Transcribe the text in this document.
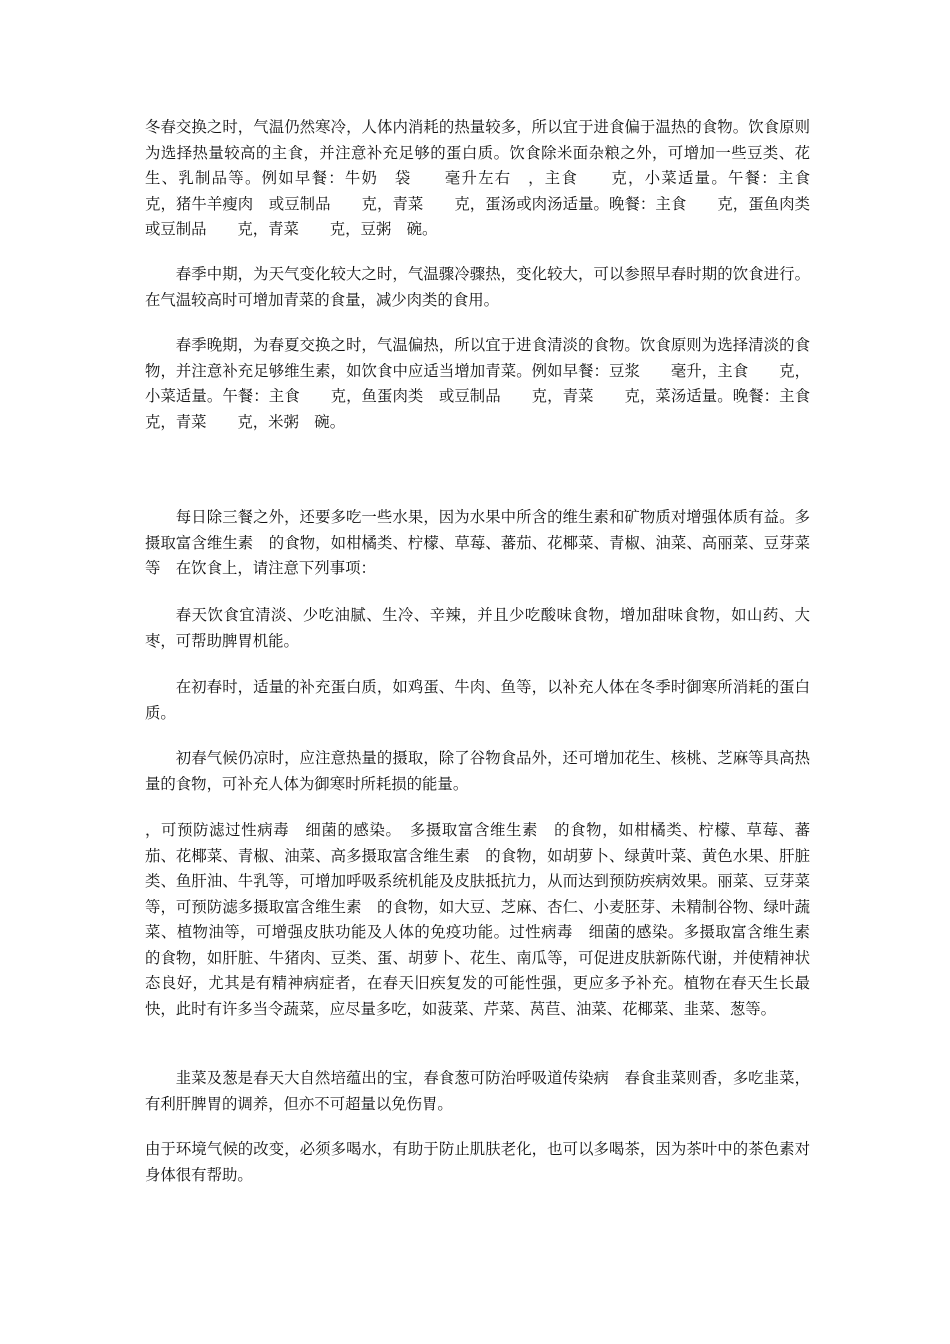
冬春交换之时，气温仍然寒冷，人体内消耗的热量较多，所以宜于进食偏于温热的食物。饮食原则为选择热量较高的主食，并注意补充足够的蛋白质。饮食除米面杂粮之外，可增加一些豆类、花生、乳制品等。例如早餐：牛奶　袋　　毫升左右　，主食　　克，小菜适量。午餐：主食　　克，猪牛羊瘦肉　或豆制品　　克，青菜　　克，蛋汤或肉汤适量。晚餐：主食　　克，蛋鱼肉类　或豆制品　　克，青菜　　克，豆粥　碗。

春季中期，为天气变化较大之时，气温骤冷骤热，变化较大，可以参照早春时期的饮食进行。在气温较高时可增加青菜的食量，减少肉类的食用。

春季晚期，为春夏交换之时，气温偏热，所以宜于进食清淡的食物。饮食原则为选择清淡的食物，并注意补充足够维生素，如饮食中应适当增加青菜。例如早餐：豆浆　　毫升，主食　　克，小菜适量。午餐：主食　　克，鱼蛋肉类　或豆制品　　克，青菜　　克，菜汤适量。晚餐：主食　　克，青菜　　克，米粥　碗。

每日除三餐之外，还要多吃一些水果，因为水果中所含的维生素和矿物质对增强体质有益。多摄取富含维生素　的食物，如柑橘类、柠檬、草莓、蕃茄、花椰菜、青椒、油菜、高丽菜、豆芽菜等　在饮食上，请注意下列事项：

春天饮食宜清淡、少吃油腻、生冷、辛辣，并且少吃酸味食物，增加甜味食物，如山药、大枣，可帮助脾胃机能。

在初春时，适量的补充蛋白质，如鸡蛋、牛肉、鱼等，以补充人体在冬季时御寒所消耗的蛋白质。

初春气候仍凉时，应注意热量的摄取，除了谷物食品外，还可增加花生、核桃、芝麻等具高热量的食物，可补充人体为御寒时所耗损的能量。

，可预防滤过性病毒　细菌的感染。　多摄取富含维生素　的食物，如柑橘类、柠檬、草莓、蕃茄、花椰菜、青椒、油菜、高多摄取富含维生素　的食物，如胡萝卜、绿黄叶菜、黄色水果、肝脏类、鱼肝油、牛乳等，可增加呼吸系统机能及皮肤抵抗力，从而达到预防疾病效果。丽菜、豆芽菜等，可预防滤多摄取富含维生素　的食物，如大豆、芝麻、杏仁、小麦胚芽、未精制谷物、绿叶蔬菜、植物油等，可增强皮肤功能及人体的免疫功能。过性病毒　细菌的感染。多摄取富含维生素　的食物，如肝脏、牛猪肉、豆类、蛋、胡萝卜、花生、南瓜等，可促进皮肤新陈代谢，并使精神状态良好，尤其是有精神病症者，在春天旧疾复发的可能性强，更应多予补充。植物在春天生长最快，此时有许多当令蔬菜，应尽量多吃，如菠菜、芹菜、莴苣、油菜、花椰菜、韭菜、葱等。

韭菜及葱是春天大自然培蕴出的宝，春食葱可防治呼吸道传染病　春食韭菜则香，多吃韭菜，有利肝脾胃的调养，但亦不可超量以免伤胃。

由于环境气候的改变，必须多喝水，有助于防止肌肤老化，也可以多喝茶，因为茶叶中的茶色素对身体很有帮助。
